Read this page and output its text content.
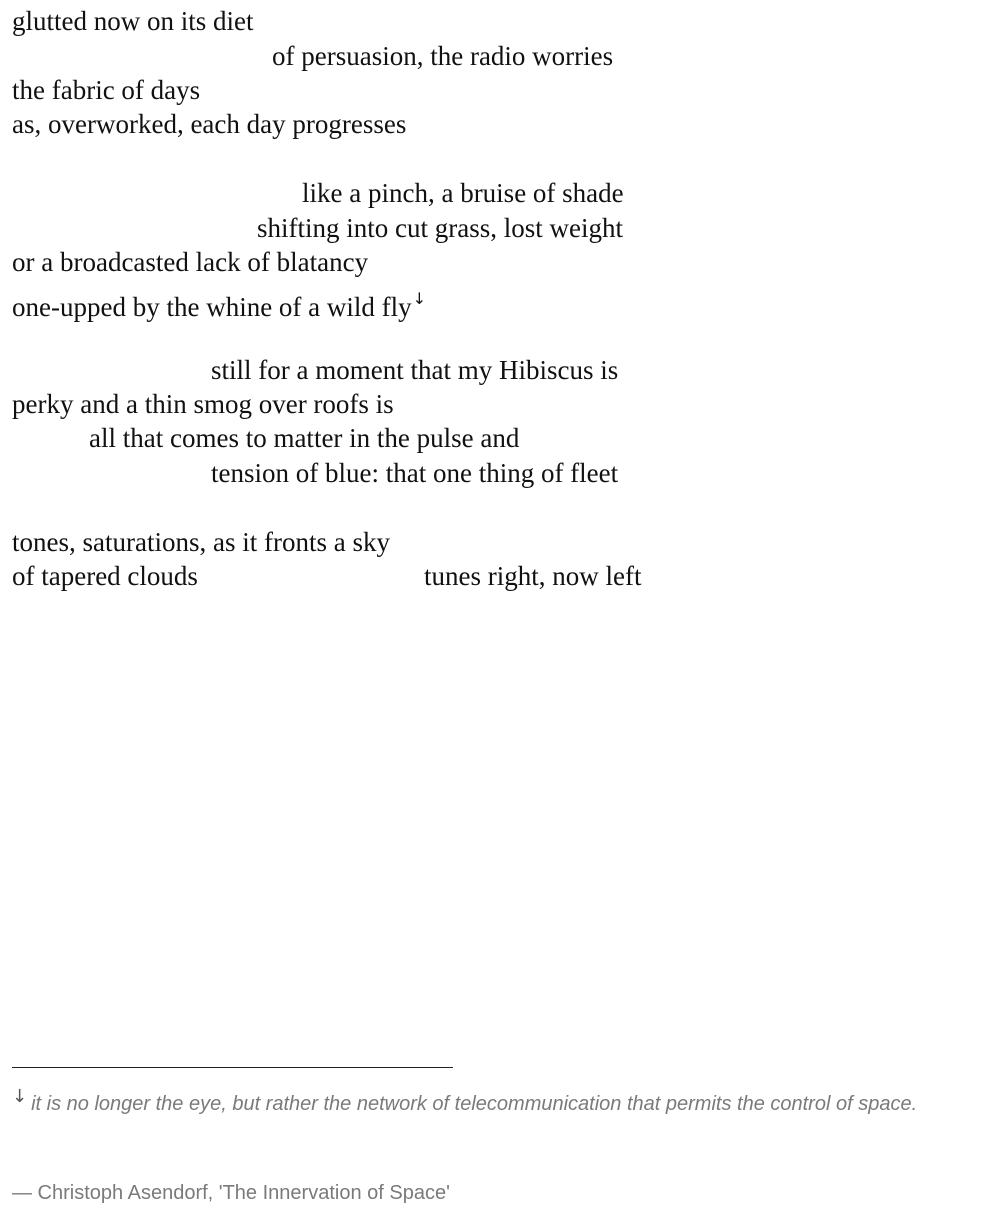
glutted now on its diet
of persuasion, the radio worries
the fabric of days
as, overworked, each day progresses
like a pinch, a bruise of shade
shifting into cut grass, lost weight
or a broadcasted lack of blatancy
one-upped by the whine of a wild fly↓
still for a moment that my Hibiscus is
perky and a thin smog over roofs is
all that comes to matter in the pulse and
tension of blue: that one thing of fleet
tones, saturations, as it fronts a sky
of tapered clouds	tunes right, now left
↓ it is no longer the eye, but rather the network of telecommunication that permits the control of space.
— Christoph Asendorf, 'The Innervation of Space'
